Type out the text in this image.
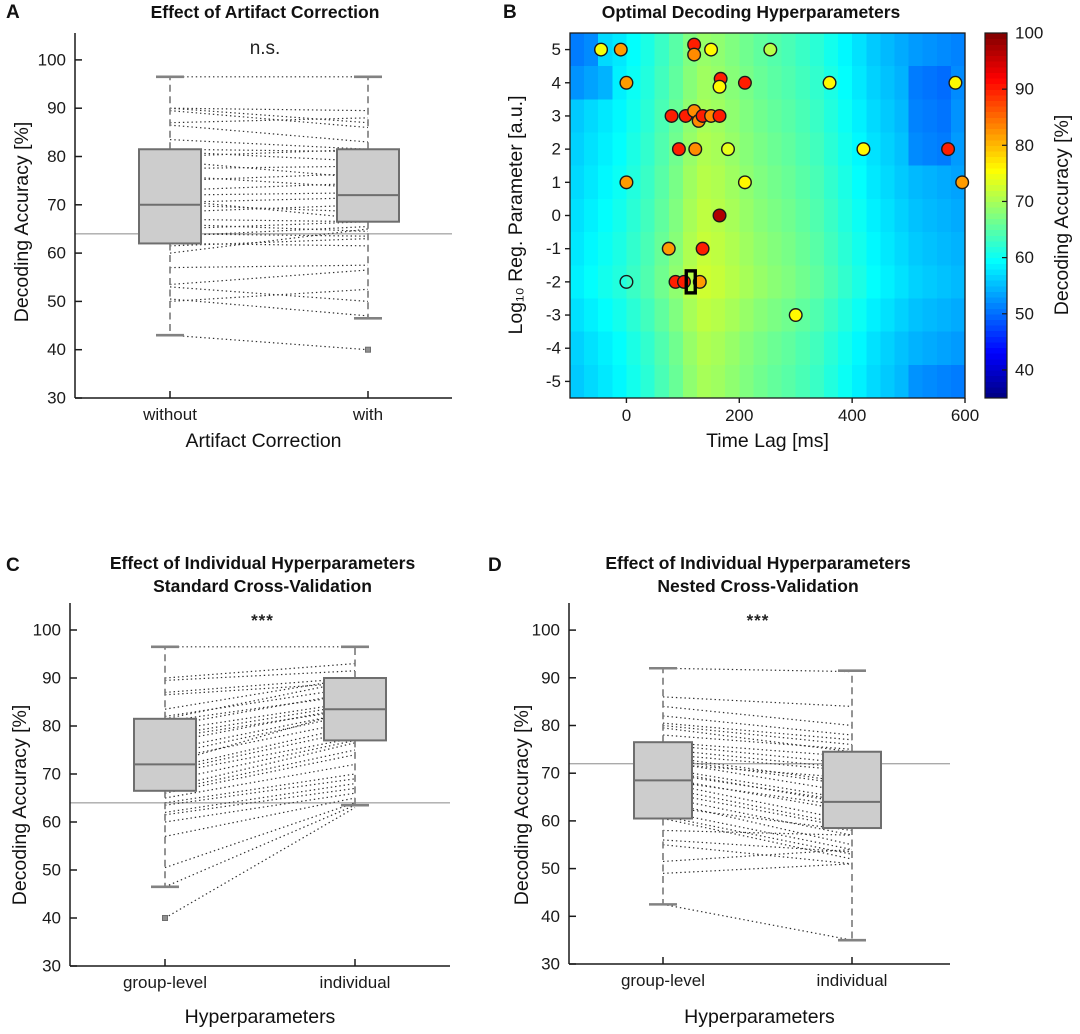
A	Effect of Artifact Correction
n.s.
Decoding Accuracy [%]
Artifact Correction
30
40
50
60
70
80
90
100
without	with
B	Optimal Decoding Hyperparameters
Log₁₀ Reg. Parameter [a.u.]	Decoding Accuracy [%]
Time Lag [ms]
0	200	400	600
5
4
3
2
1
0
-1
-2
-3
-4
-5
40
50
60
70
80
90
100
C	Effect of Individual Hyperparameters
Standard Cross-Validation
***
Decoding Accuracy [%]
Hyperparameters
30
40
50
60
70
80
90
100
group-level	individual
D	Effect of Individual Hyperparameters
Nested Cross-Validation
***
Decoding Accuracy [%]
Hyperparameters
30
40
50
60
70
80
90
100
group-level	individual
